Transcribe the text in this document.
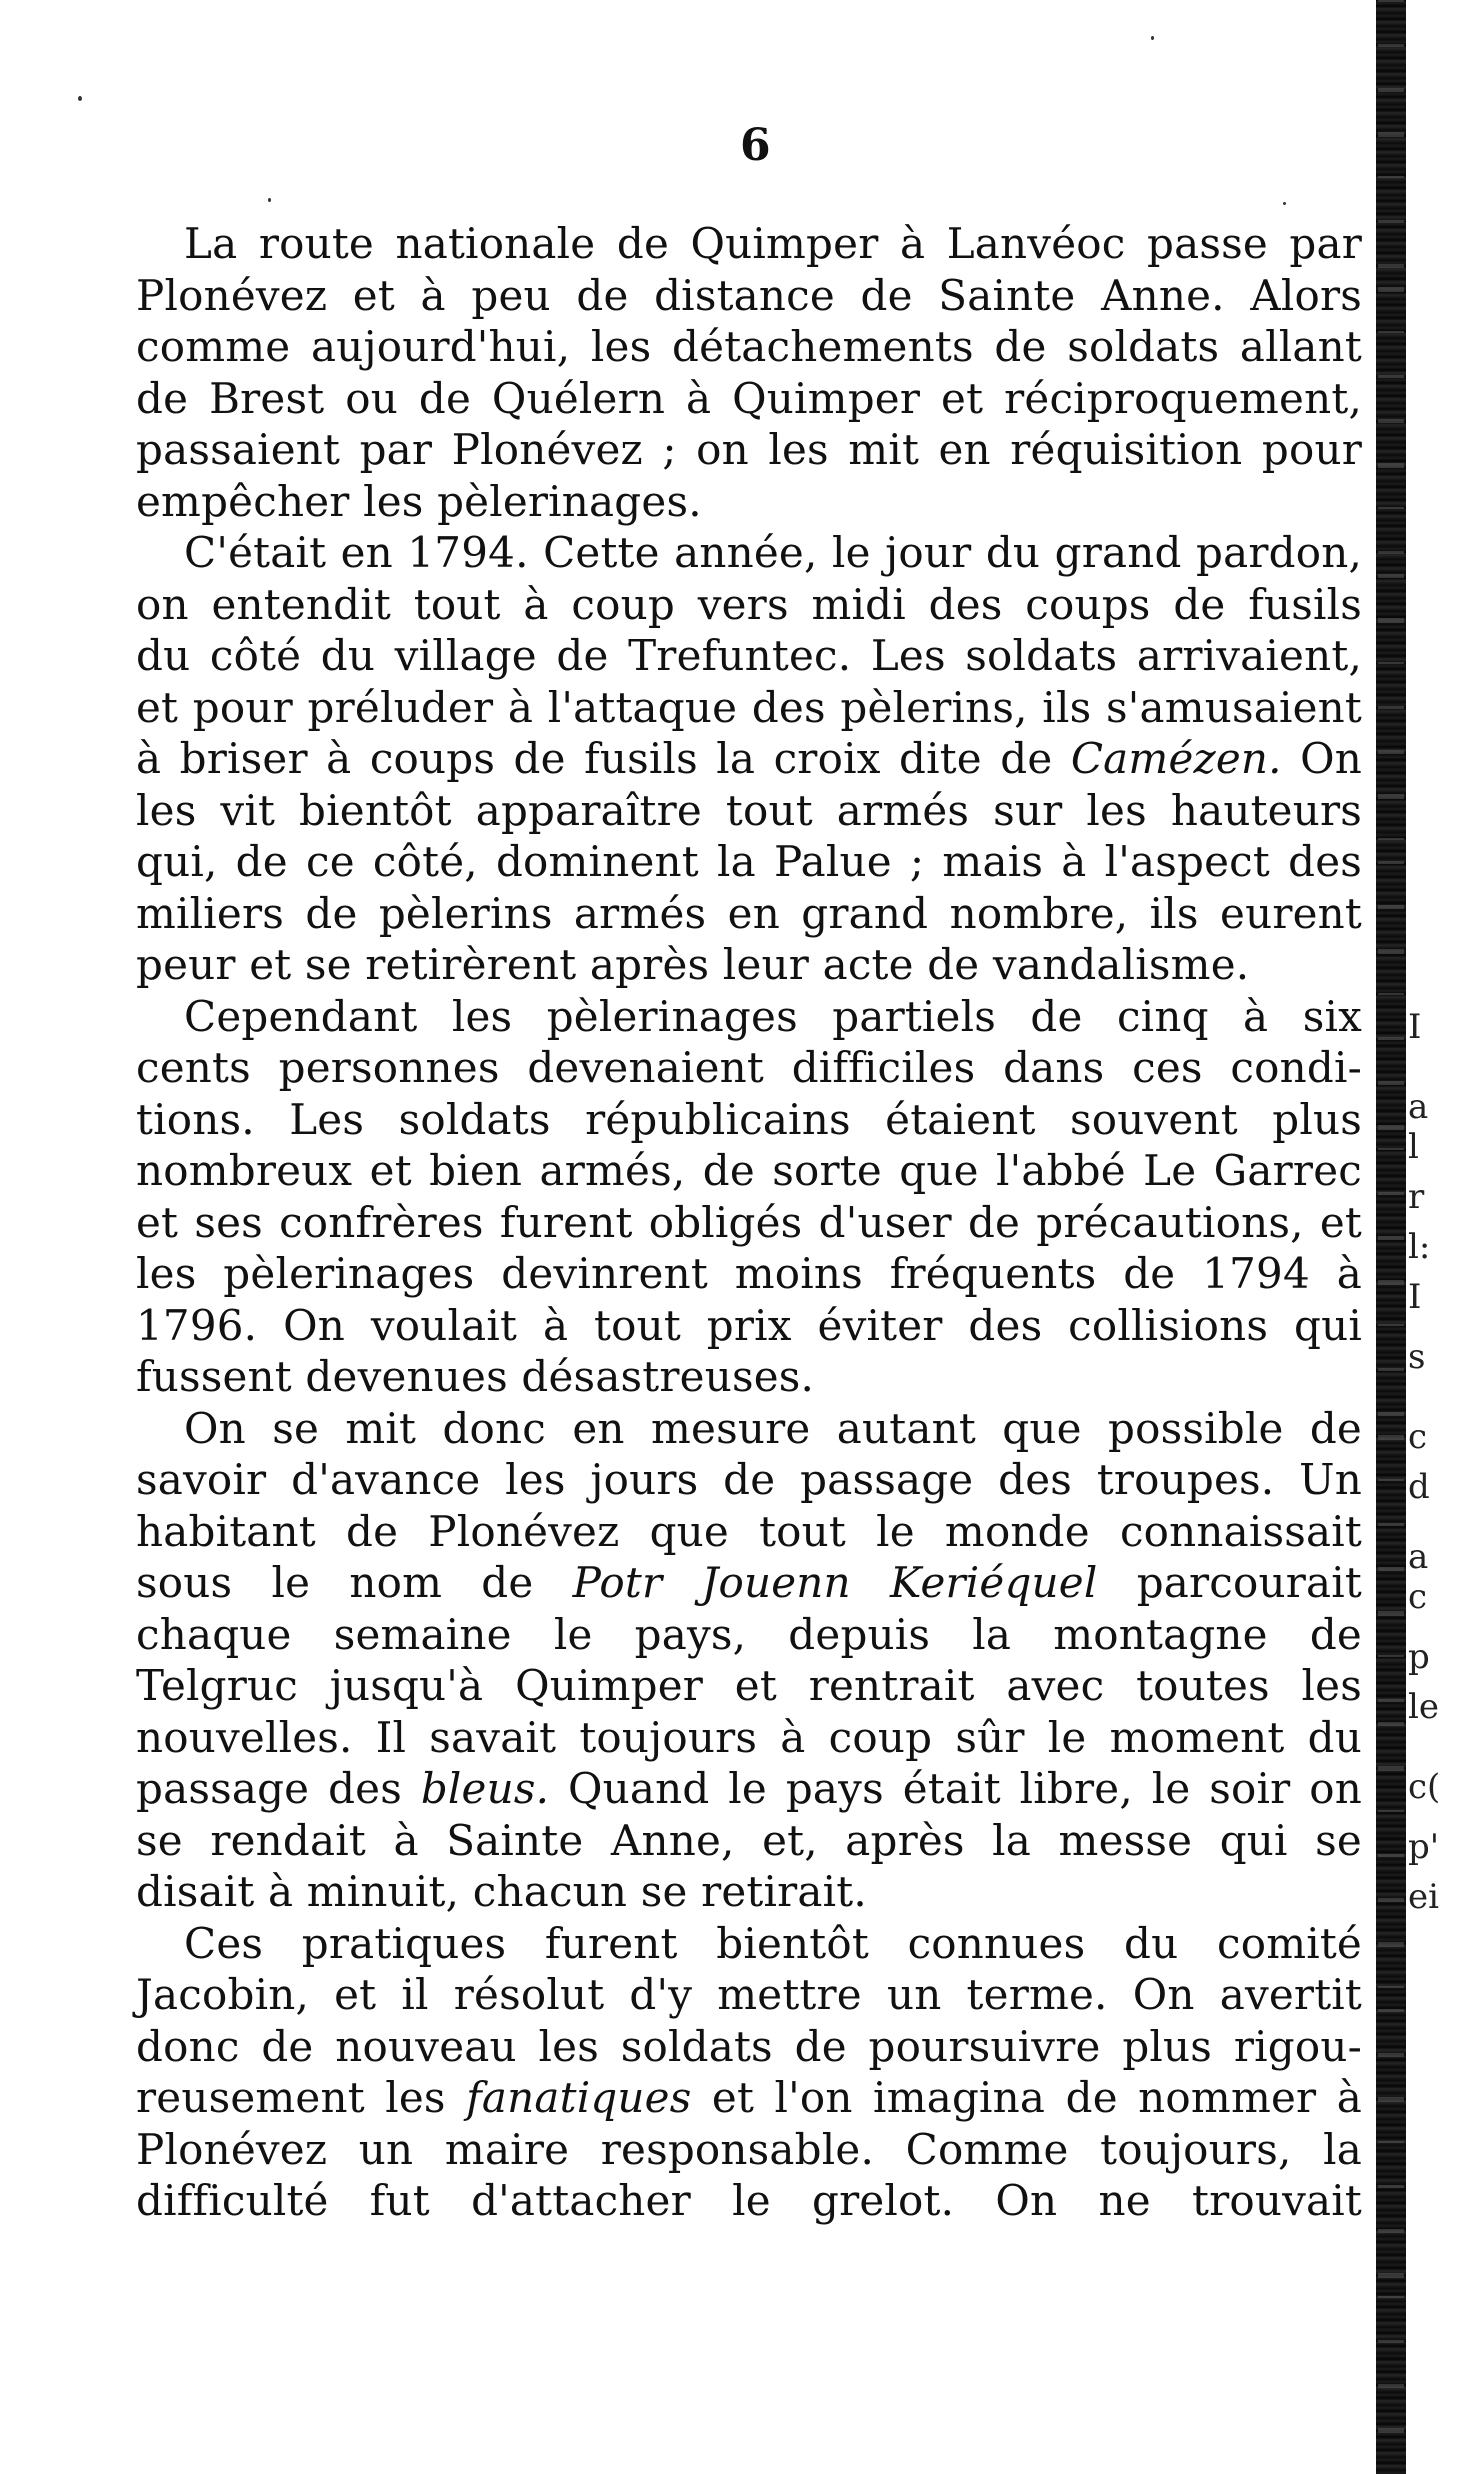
6
La route nationale de Quimper à Lanvéoc passe par
Plonévez et à peu de distance de Sainte Anne. Alors
comme aujourd'hui, les détachements de soldats allant
de Brest ou de Quélern à Quimper et réciproquement,
passaient par Plonévez ; on les mit en réquisition pour
empêcher les pèlerinages.
C'était en 1794. Cette année, le jour du grand pardon,
on entendit tout à coup vers midi des coups de fusils
du côté du village de Trefuntec. Les soldats arrivaient,
et pour préluder à l'attaque des pèlerins, ils s'amusaient
à briser à coups de fusils la croix dite de Camézen. On
les vit bientôt apparaître tout armés sur les hauteurs
qui, de ce côté, dominent la Palue ; mais à l'aspect des
miliers de pèlerins armés en grand nombre, ils eurent
peur et se retirèrent après leur acte de vandalisme.
Cependant les pèlerinages partiels de cinq à six
cents personnes devenaient difficiles dans ces condi-
tions. Les soldats républicains étaient souvent plus
nombreux et bien armés, de sorte que l'abbé Le Garrec
et ses confrères furent obligés d'user de précautions, et
les pèlerinages devinrent moins fréquents de 1794 à
1796. On voulait à tout prix éviter des collisions qui
fussent devenues désastreuses.
On se mit donc en mesure autant que possible de
savoir d'avance les jours de passage des troupes. Un
habitant de Plonévez que tout le monde connaissait
sous le nom de Potr Jouenn Keriéquel parcourait
chaque semaine le pays, depuis la montagne de
Telgruc jusqu'à Quimper et rentrait avec toutes les
nouvelles. Il savait toujours à coup sûr le moment du
passage des bleus. Quand le pays était libre, le soir on
se rendait à Sainte Anne, et, après la messe qui se
disait à minuit, chacun se retirait.
Ces pratiques furent bientôt connues du comité
Jacobin, et il résolut d'y mettre un terme. On avertit
donc de nouveau les soldats de poursuivre plus rigou-
reusement les fanatiques et l'on imagina de nommer à
Plonévez un maire responsable. Comme toujours, la
difficulté fut d'attacher le grelot. On ne trouvait
I
a
l
r
l:
I
s
c
d
a
c
p
le
c(
p'
ei
